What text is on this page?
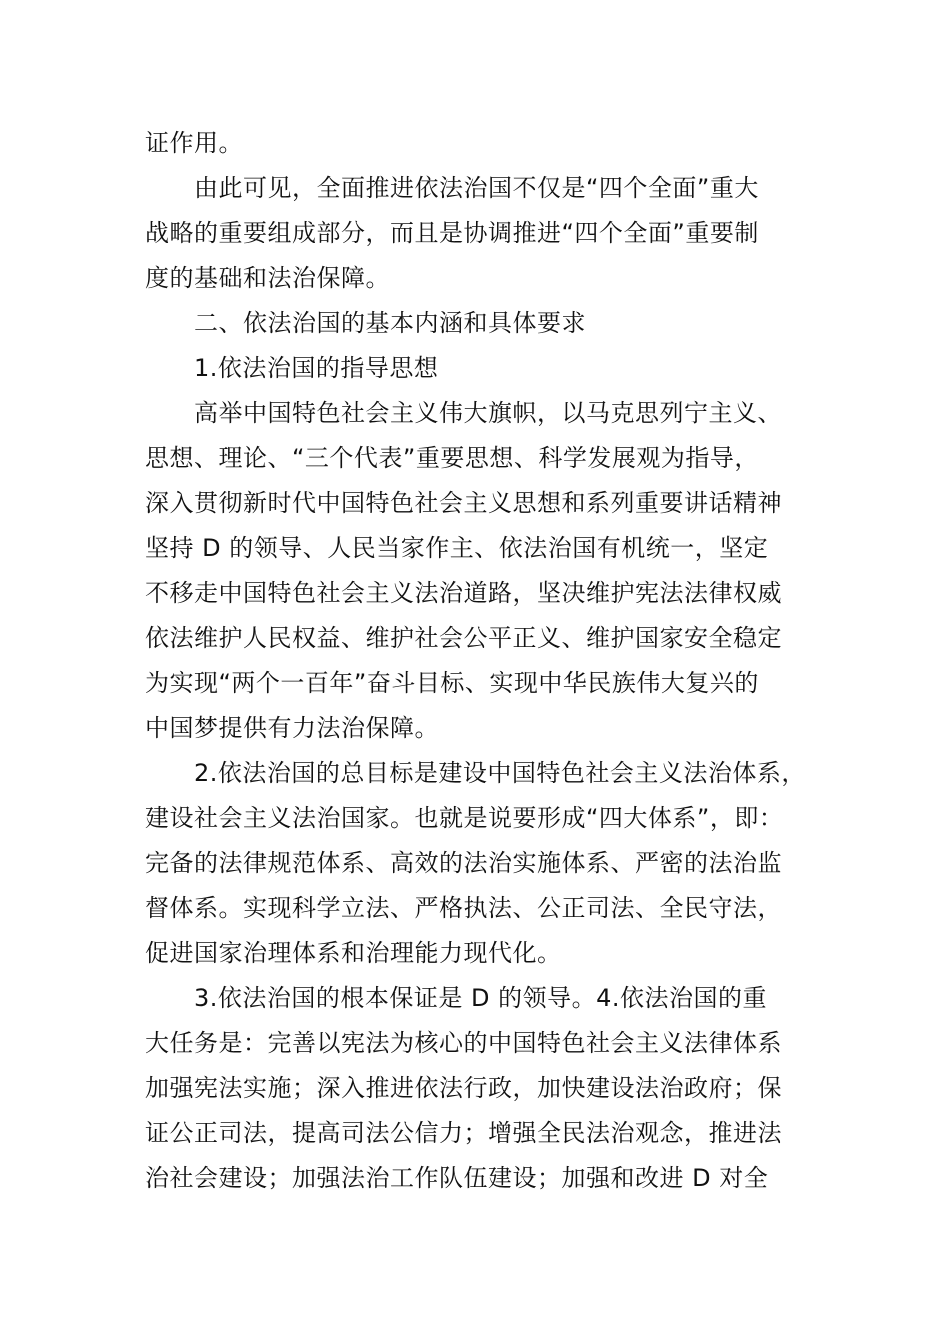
证作用。
由此可见，全面推进依法治国不仅是“四个全面”重大
战略的重要组成部分，而且是协调推进“四个全面”重要制
度的基础和法治保障。
二、依法治国的基本内涵和具体要求
1.依法治国的指导思想
高举中国特色社会主义伟大旗帜，以马克思列宁主义、
思想、理论、“三个代表”重要思想、科学发展观为指导，
深入贯彻新时代中国特色社会主义思想和系列重要讲话精神
坚持 D 的领导、人民当家作主、依法治国有机统一，坚定
不移走中国特色社会主义法治道路，坚决维护宪法法律权威
依法维护人民权益、维护社会公平正义、维护国家安全稳定
为实现“两个一百年”奋斗目标、实现中华民族伟大复兴的
中国梦提供有力法治保障。
2.依法治国的总目标是建设中国特色社会主义法治体系，
建设社会主义法治国家。也就是说要形成“四大体系”，即：
完备的法律规范体系、高效的法治实施体系、严密的法治监
督体系。实现科学立法、严格执法、公正司法、全民守法，
促进国家治理体系和治理能力现代化。
3.依法治国的根本保证是 D 的领导。4.依法治国的重
大任务是：完善以宪法为核心的中国特色社会主义法律体系
加强宪法实施；深入推进依法行政，加快建设法治政府；保
证公正司法，提高司法公信力；增强全民法治观念，推进法
治社会建设；加强法治工作队伍建设；加强和改进 D 对全
